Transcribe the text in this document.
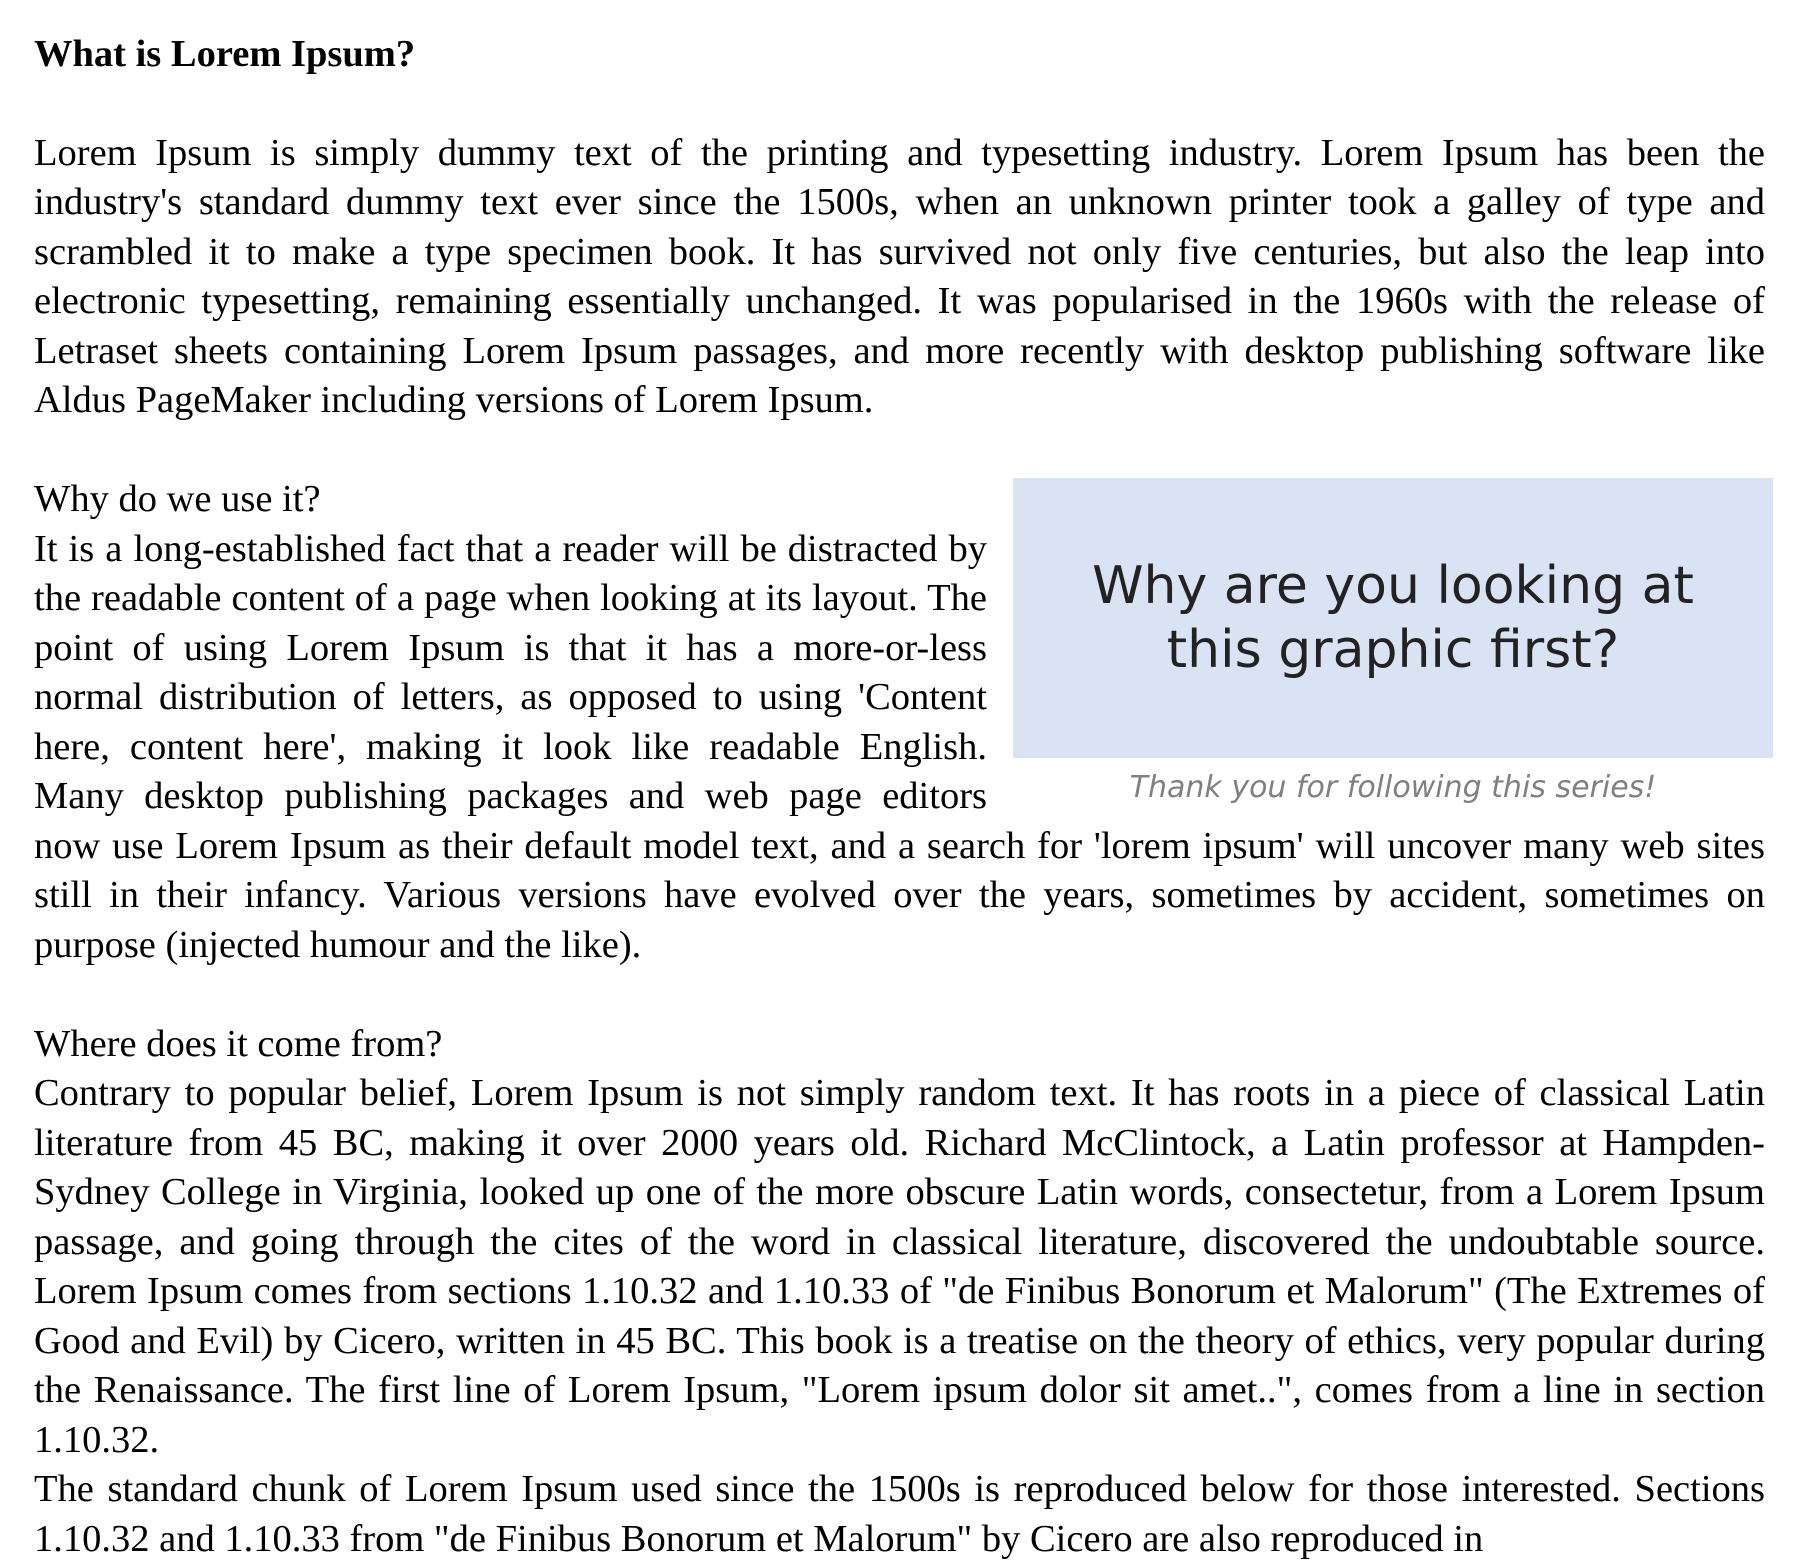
What is Lorem Ipsum?

Lorem Ipsum is simply dummy text of the printing and typesetting industry. Lorem Ipsum has been the industry's standard dummy text ever since the 1500s, when an unknown printer took a galley of type and scrambled it to make a type specimen book. It has survived not only five centuries, but also the leap into electronic typesetting, remaining essentially unchanged. It was popularised in the 1960s with the release of Letraset sheets containing Lorem Ipsum passages, and more recently with desktop publishing software like Aldus PageMaker including versions of Lorem Ipsum.

Why are you looking at this graphic first?
Thank you for following this series!

Why do we use it?

It is a long-established fact that a reader will be distracted by the readable content of a page when looking at its layout. The point of using Lorem Ipsum is that it has a more-or-less normal distribution of letters, as opposed to using 'Content here, content here', making it look like readable English. Many desktop publishing packages and web page editors now use Lorem Ipsum as their default model text, and a search for 'lorem ipsum' will uncover many web sites still in their infancy. Various versions have evolved over the years, sometimes by accident, sometimes on purpose (injected humour and the like).

Where does it come from?

Contrary to popular belief, Lorem Ipsum is not simply random text. It has roots in a piece of classical Latin literature from 45 BC, making it over 2000 years old. Richard McClintock, a Latin professor at Hampden-Sydney College in Virginia, looked up one of the more obscure Latin words, consectetur, from a Lorem Ipsum passage, and going through the cites of the word in classical literature, discovered the undoubtable source. Lorem Ipsum comes from sections 1.10.32 and 1.10.33 of "de Finibus Bonorum et Malorum" (The Extremes of Good and Evil) by Cicero, written in 45 BC. This book is a treatise on the theory of ethics, very popular during the Renaissance. The first line of Lorem Ipsum, "Lorem ipsum dolor sit amet..", comes from a line in section 1.10.32.

The standard chunk of Lorem Ipsum used since the 1500s is reproduced below for those interested. Sections 1.10.32 and 1.10.33 from "de Finibus Bonorum et Malorum" by Cicero are also reproduced in
